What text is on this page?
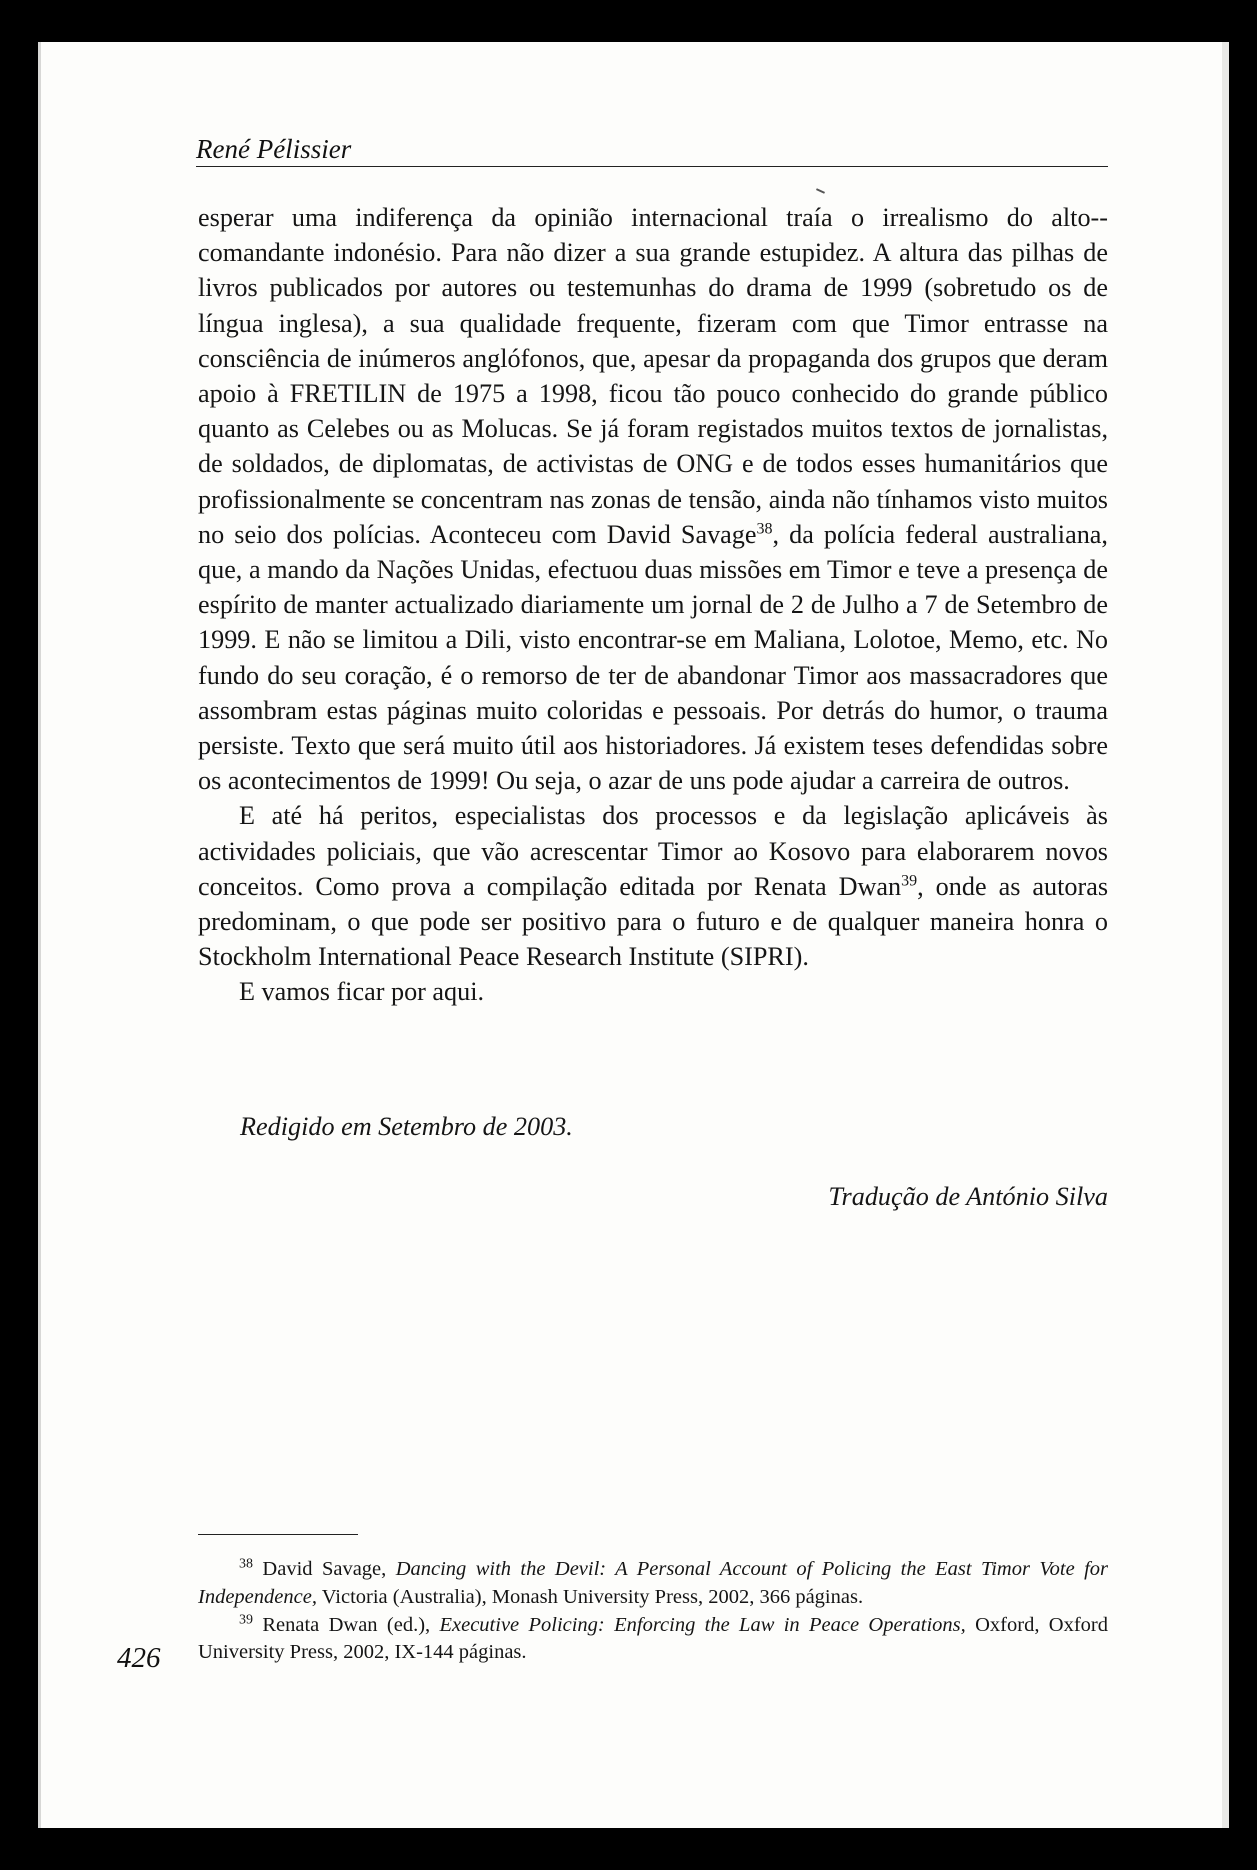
René Pélissier

esperar uma indiferença da opinião internacional traía o irrealismo do alto--comandante indonésio. Para não dizer a sua grande estupidez. A altura das pilhas de livros publicados por autores ou testemunhas do drama de 1999 (sobretudo os de língua inglesa), a sua qualidade frequente, fizeram com que Timor entrasse na consciência de inúmeros anglófonos, que, apesar da propaganda dos grupos que deram apoio à FRETILIN de 1975 a 1998, ficou tão pouco conhecido do grande público quanto as Celebes ou as Molucas. Se já foram registados muitos textos de jornalistas, de soldados, de diplomatas, de activistas de ONG e de todos esses humanitários que profissionalmente se concentram nas zonas de tensão, ainda não tínhamos visto muitos no seio dos polícias. Aconteceu com David Savage$^{38}$, da polícia federal australiana, que, a mando da Nações Unidas, efectuou duas missões em Timor e teve a presença de espírito de manter actualizado diariamente um jornal de 2 de Julho a 7 de Setembro de 1999. E não se limitou a Dili, visto encontrar-se em Maliana, Lolotoe, Memo, etc. No fundo do seu coração, é o remorso de ter de abandonar Timor aos massacradores que assombram estas páginas muito coloridas e pessoais. Por detrás do humor, o trauma persiste. Texto que será muito útil aos historiadores. Já existem teses defendidas sobre os acontecimentos de 1999! Ou seja, o azar de uns pode ajudar a carreira de outros.

E até há peritos, especialistas dos processos e da legislação aplicáveis às actividades policiais, que vão acrescentar Timor ao Kosovo para elaborarem novos conceitos. Como prova a compilação editada por Renata Dwan$^{39}$, onde as autoras predominam, o que pode ser positivo para o futuro e de qualquer maneira honra o Stockholm International Peace Research Institute (SIPRI).

E vamos ficar por aqui.

Redigido em Setembro de 2003.
Tradução de António Silva

$^{38}$ David Savage, Dancing with the Devil: A Personal Account of Policing the East Timor Vote for Independence, Victoria (Australia), Monash University Press, 2002, 366 páginas.

$^{39}$ Renata Dwan (ed.), Executive Policing: Enforcing the Law in Peace Operations, Oxford, Oxford University Press, 2002, IX-144 páginas.

426
